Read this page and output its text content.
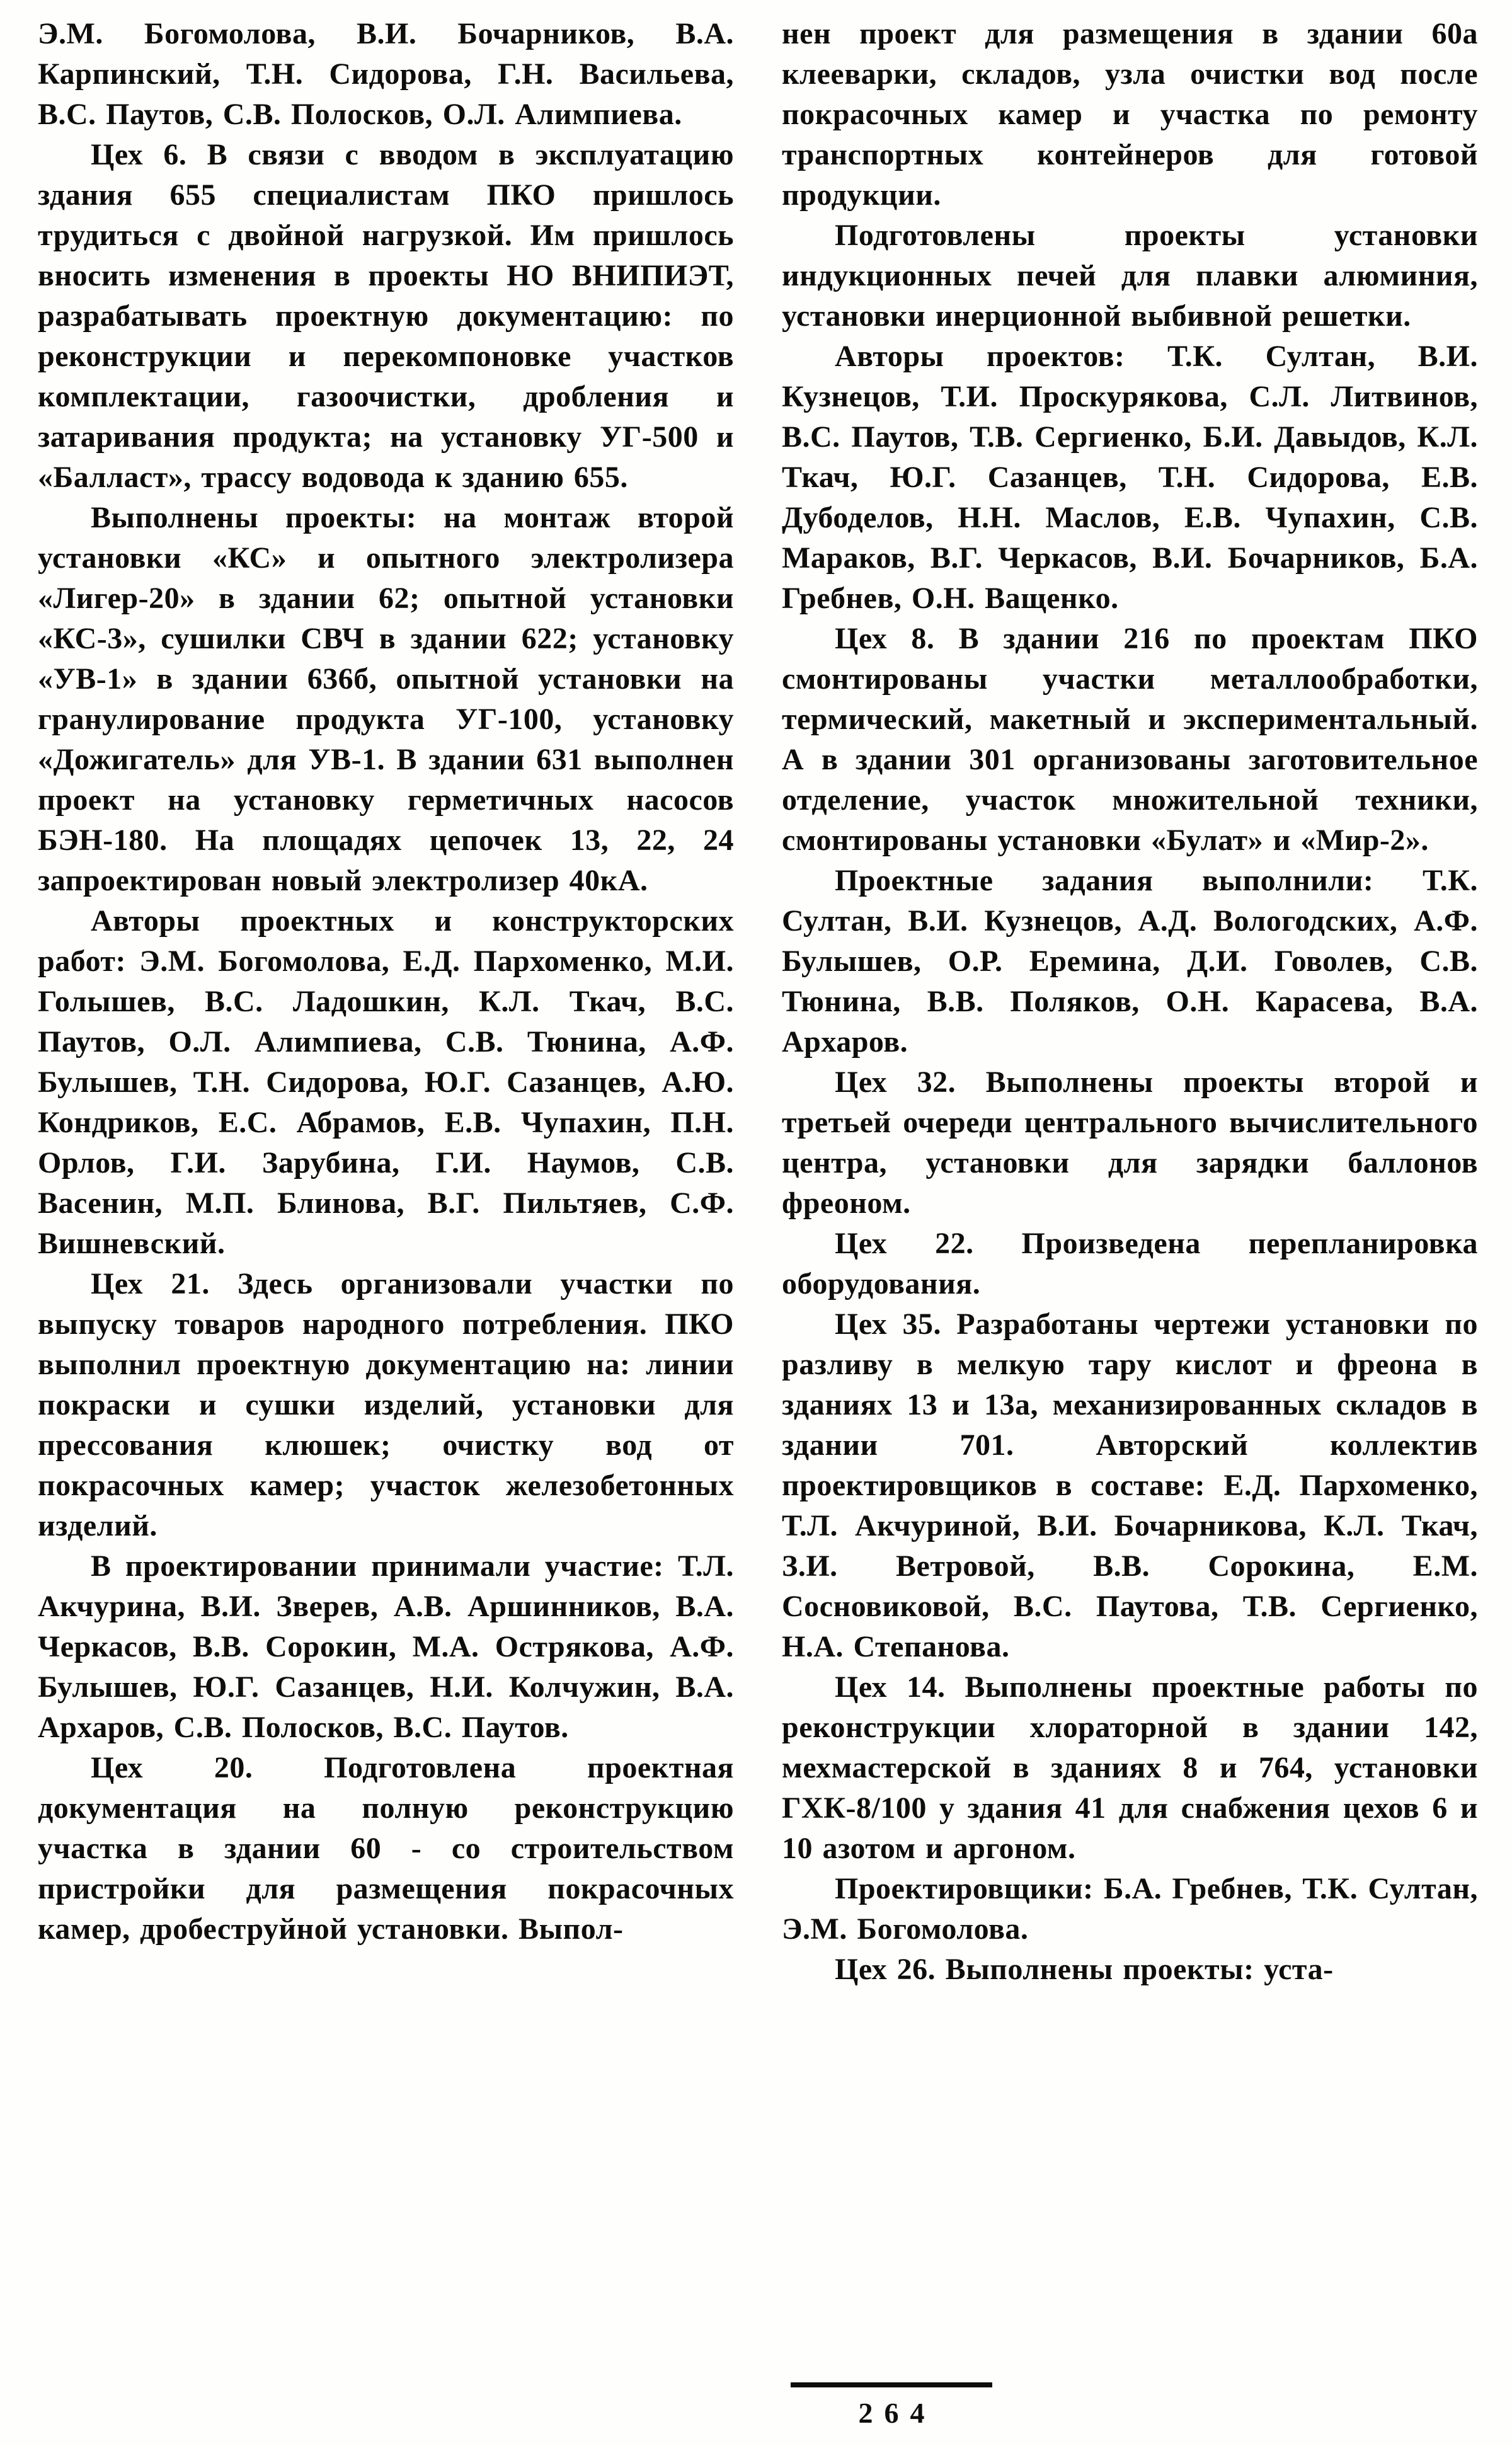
Э.М. Богомолова, В.И. Бочарников, В.А. Карпинский, Т.Н. Сидорова, Г.Н. Васильева, В.С. Паутов, С.В. Полосков, О.Л. Алимпиева.

Цех 6. В связи с вводом в эксплуатацию здания 655 специалистам ПКО пришлось трудиться с двойной нагрузкой. Им пришлось вносить изменения в проекты НО ВНИПИЭТ, разрабатывать проектную документацию: по реконструкции и перекомпоновке участков комплектации, газоочистки, дробления и затаривания продукта; на установку УГ-500 и «Балласт», трассу водовода к зданию 655.

Выполнены проекты: на монтаж второй установки «КС» и опытного электролизера «Лигер-20» в здании 62; опытной установки «КС-3», сушилки СВЧ в здании 622; установку «УВ-1» в здании 636б, опытной установки на гранулирование продукта УГ-100, установку «Дожигатель» для УВ-1. В здании 631 выполнен проект на установку герметичных насосов БЭН-180. На площадях цепочек 13, 22, 24 запроектирован новый электролизер 40кА.

Авторы проектных и конструкторских работ: Э.М. Богомолова, Е.Д. Пархоменко, М.И. Голышев, В.С. Ладошкин, К.Л. Ткач, В.С. Паутов, О.Л. Алимпиева, С.В. Тюнина, А.Ф. Булышев, Т.Н. Сидорова, Ю.Г. Сазанцев, А.Ю. Кондриков, Е.С. Абрамов, Е.В. Чупахин, П.Н. Орлов, Г.И. Зарубина, Г.И. Наумов, С.В. Васенин, М.П. Блинова, В.Г. Пильтяев, С.Ф. Вишневский.

Цех 21. Здесь организовали участки по выпуску товаров народного потребления. ПКО выполнил проектную документацию на: линии покраски и сушки изделий, установки для прессования клюшек; очистку вод от покрасочных камер; участок железобетонных изделий.

В проектировании принимали участие: Т.Л. Акчурина, В.И. Зверев, А.В. Аршинников, В.А. Черкасов, В.В. Сорокин, М.А. Острякова, А.Ф. Булышев, Ю.Г. Сазанцев, Н.И. Колчужин, В.А. Архаров, С.В. Полосков, В.С. Паутов.

Цех 20. Подготовлена проектная документация на полную реконструкцию участка в здании 60 - со строительством пристройки для размещения покрасочных камер, дробеструйной установки. Выпол-

нен проект для размещения в здании 60а клееварки, складов, узла очистки вод после покрасочных камер и участка по ремонту транспортных контейнеров для готовой продукции.

Подготовлены проекты установки индукционных печей для плавки алюминия, установки инерционной выбивной решетки.

Авторы проектов: Т.К. Султан, В.И. Кузнецов, Т.И. Проскурякова, С.Л. Литвинов, В.С. Паутов, Т.В. Сергиенко, Б.И. Давыдов, К.Л. Ткач, Ю.Г. Сазанцев, Т.Н. Сидорова, Е.В. Дубоделов, Н.Н. Маслов, Е.В. Чупахин, С.В. Мараков, В.Г. Черкасов, В.И. Бочарников, Б.А. Гребнев, О.Н. Ващенко.

Цех 8. В здании 216 по проектам ПКО смонтированы участки металлообработки, термический, макетный и экспериментальный. А в здании 301 организованы заготовительное отделение, участок множительной техники, смонтированы установки «Булат» и «Мир-2».

Проектные задания выполнили: Т.К. Султан, В.И. Кузнецов, А.Д. Вологодских, А.Ф. Булышев, О.Р. Еремина, Д.И. Говолев, С.В. Тюнина, В.В. Поляков, О.Н. Карасева, В.А. Архаров.

Цех 32. Выполнены проекты второй и третьей очереди центрального вычислительного центра, установки для зарядки баллонов фреоном.

Цех 22. Произведена перепланировка оборудования.

Цех 35. Разработаны чертежи установки по разливу в мелкую тару кислот и фреона в зданиях 13 и 13а, механизированных складов в здании 701. Авторский коллектив проектировщиков в составе: Е.Д. Пархоменко, Т.Л. Акчуриной, В.И. Бочарникова, К.Л. Ткач, З.И. Ветровой, В.В. Сорокина, Е.М. Сосновиковой, В.С. Паутова, Т.В. Сергиенко, Н.А. Степанова.

Цех 14. Выполнены проектные работы по реконструкции хлораторной в здании 142, мехмастерской в зданиях 8 и 764, установки ГХК-8/100 у здания 41 для снабжения цехов 6 и 10 азотом и аргоном.

Проектировщики: Б.А. Гребнев, Т.К. Султан, Э.М. Богомолова.

Цех 26. Выполнены проекты: уста-

264
